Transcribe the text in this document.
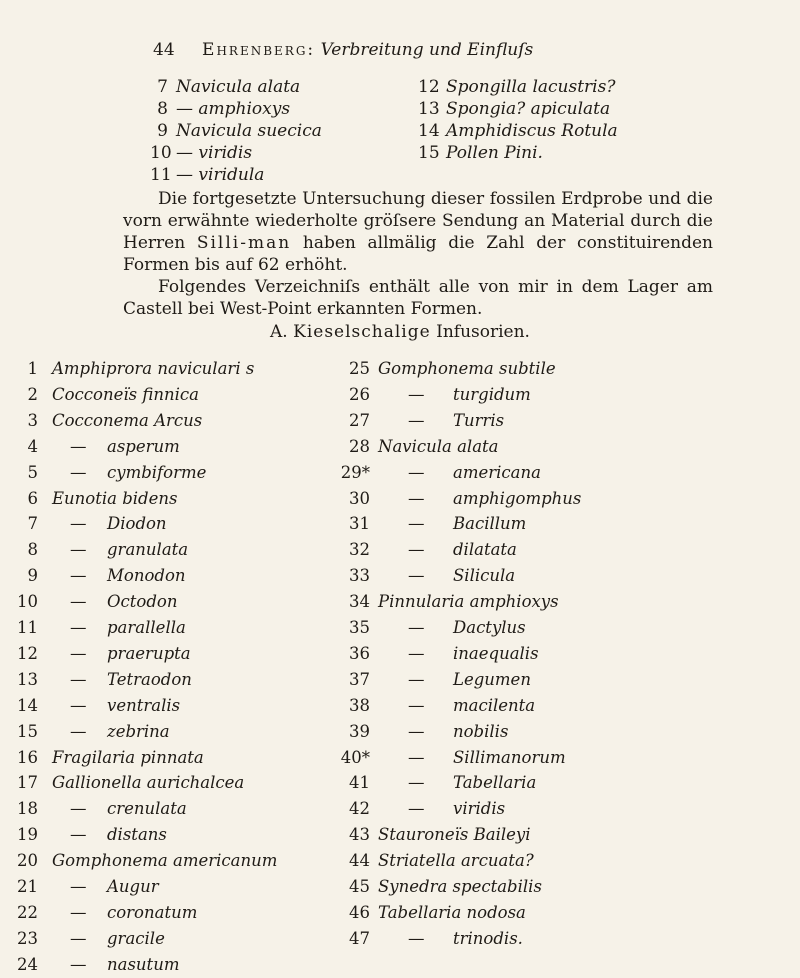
44 Ehrenberg: Verbreitung und Einfluſs
7 Navicula alata
8 — amphioxys
9 Navicula suecica
10 — viridis
11 — viridula
12 Spongilla lacustris?
13 Spongia? apiculata
14 Amphidiscus Rotula
15 Pollen Pini.

Die fortgesetzte Untersuchung dieser fossilen Erdprobe und die vorn erwähnte wiederholte gröſsere Sendung an Material durch die Herren Silli-man haben allmälig die Zahl der constituirenden Formen bis auf 62 erhöht.

Folgendes Verzeichniſs enthält alle von mir in dem Lager am Castell bei West-Point erkannten Formen.

A. Kieselschalige Infusorien.
1 Amphiprora naviculari s
2 Cocconeïs finnica
3 Cocconema Arcus
4 — asperum
5 — cymbiforme
6 Eunotia bidens
7 — Diodon
8 — granulata
9 — Monodon
10 — Octodon
11 — parallella
12 — praerupta
13 — Tetraodon
14 — ventralis
15 — zebrina
16 Fragilaria pinnata
17 Gallionella aurichalcea
18 — crenulata
19 — distans
20 Gomphonema americanum
21 — Augur
22 — coronatum
23 — gracile
24 — nasutum
25 Gomphonema subtile
26 — turgidum
27 — Turris
28 Navicula alata
29* — americana
30 — amphigomphus
31 — Bacillum
32 — dilatata
33 — Silicula
34 Pinnularia amphioxys
35 — Dactylus
36 — inaequalis
37 — Legumen
38 — macilenta
39 — nobilis
40* — Sillimanorum
41 — Tabellaria
42 — viridis
43 Stauroneïs Baileyi
44 Striatella arcuata?
45 Synedra spectabilis
46 Tabellaria nodosa
47 — trinodis.
